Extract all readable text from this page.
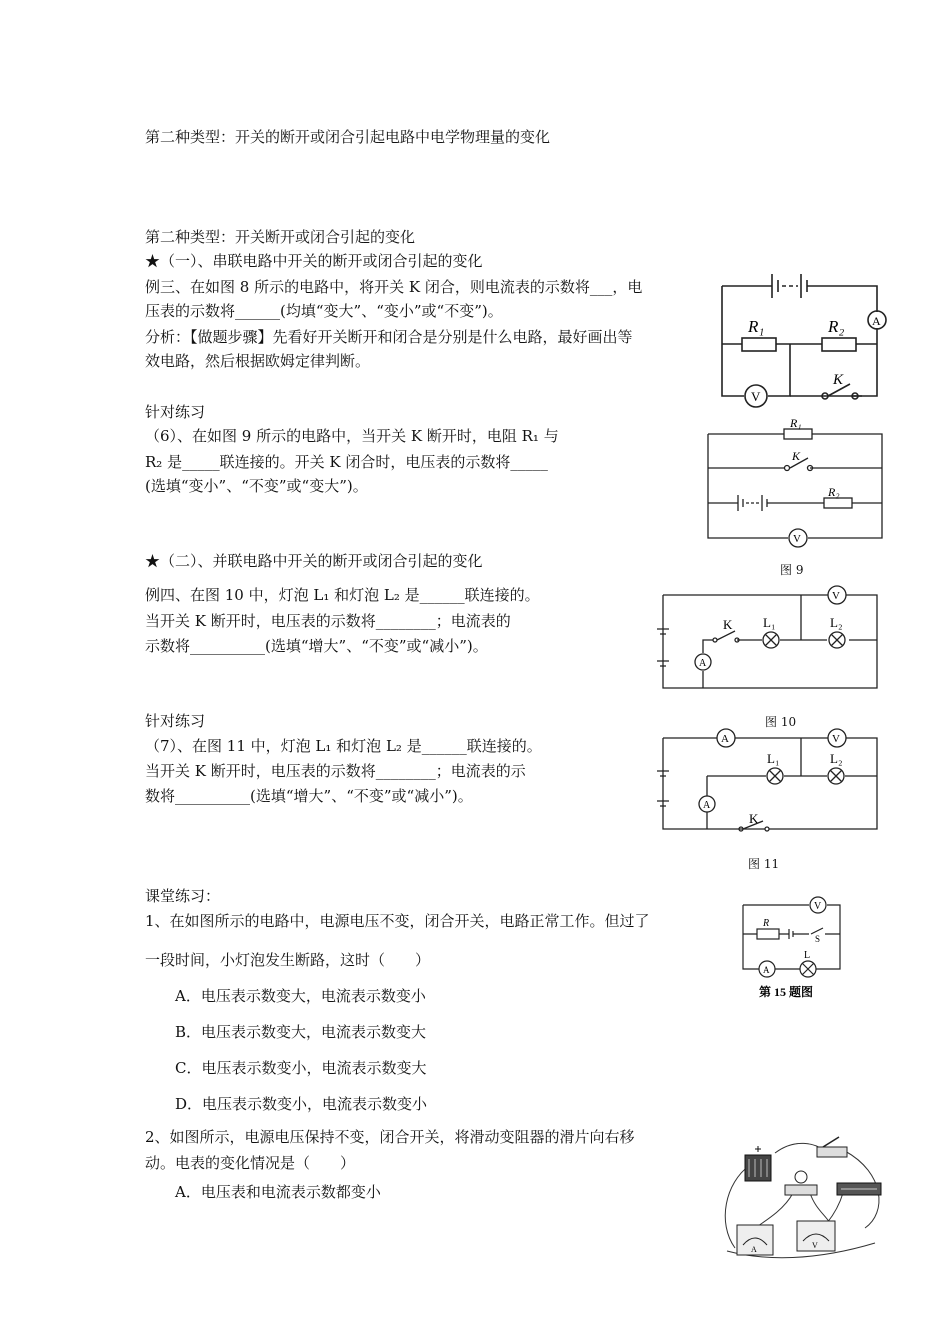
第二种类型：开关的断开或闭合引起电路中电学物理量的变化
第二种类型：开关断开或闭合引起的变化
★（一）、串联电路中开关的断开或闭合引起的变化
例三、在如图 8 所示的电路中，将开关 K 闭合，则电流表的示数将___，电
压表的示数将______(均填“变大”、“变小”或“不变”)。
分析：【做题步骤】先看好开关断开和闭合是分别是什么电路，最好画出等
效电路，然后根据欧姆定律判断。
针对练习
（6）、在如图 9 所示的电路中，当开关 K 断开时，电阻 R₁ 与
R₂ 是_____联连接的。开关 K 闭合时，电压表的示数将_____
(选填“变小”、“不变”或“变大”)。
★（二）、并联电路中开关的断开或闭合引起的变化
例四、在图 10 中，灯泡 L₁ 和灯泡 L₂ 是______联连接的。
当开关 K 断开时，电压表的示数将________；电流表的
示数将__________(选填“增大”、“不变”或“减小”)。
针对练习
（7）、在图 11 中，灯泡 L₁ 和灯泡 L₂ 是______联连接的。
当开关 K 断开时，电压表的示数将________；电流表的示
数将__________(选填“增大”、“不变”或“减小”)。
课堂练习：
1、在如图所示的电路中，电源电压不变，闭合开关，电路正常工作。但过了
一段时间，小灯泡发生断路，这时（　　）
A．电压表示数变大，电流表示数变小
B．电压表示数变大，电流表示数变大
C．电压表示数变小，电流表示数变大
D．电压表示数变小，电流表示数变小
2、如图所示，电源电压保持不变，闭合开关，将滑动变阻器的滑片向右移
动。电表的变化情况是（　　）
A．电压表和电流表示数都变小
R₁	R₂
V
A
K
R₁
K
R₂
V
图 9
A
K L₁	L₂
V
图 10
A
A
L₁	L₂
V
K
图 11
V
R
S
A
L
第 15 题图
A	V
